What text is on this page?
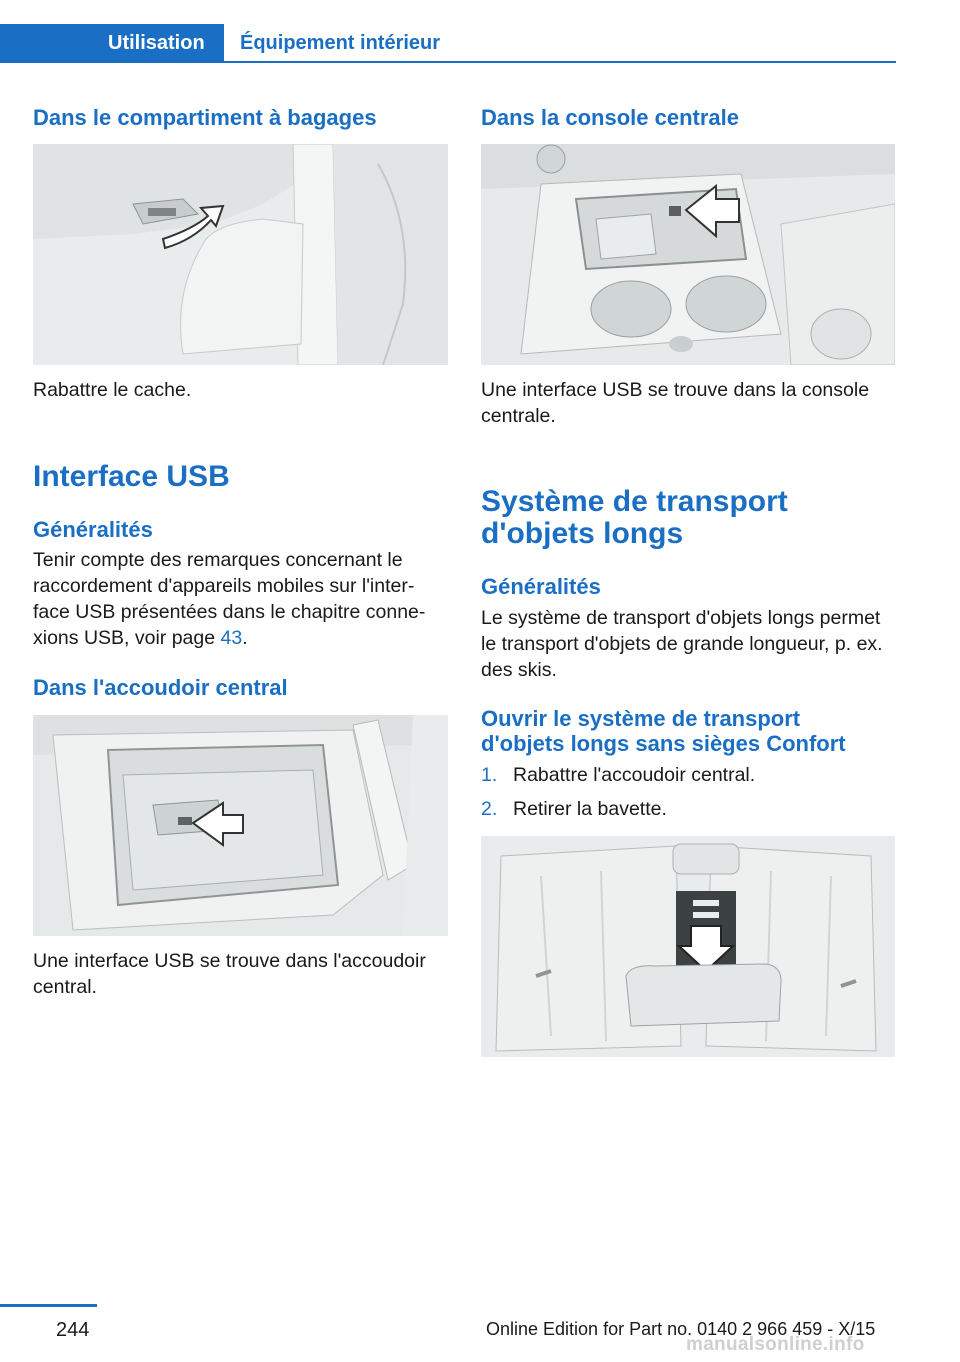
Utilisation	Équipement intérieur
Dans le compartiment à bagages
Rabattre le cache.
Interface USB
Généralités
Tenir compte des remarques concernant le
raccordement d'appareils mobiles sur l'inter-
face USB présentées dans le chapitre conne-
xions USB, voir page 43.
Dans l'accoudoir central
Une interface USB se trouve dans l'accoudoir
central.
Dans la console centrale
Une interface USB se trouve dans la console
centrale.
Système de transport
d'objets longs
Généralités
Le système de transport d'objets longs permet
le transport d'objets de grande longueur, p. ex.
des skis.
Ouvrir le système de transport
d'objets longs sans sièges Confort
1. Rabattre l'accoudoir central.
2. Retirer la bavette.
244	Online Edition for Part no. 0140 2 966 459 - X/15
manualsonline.info
